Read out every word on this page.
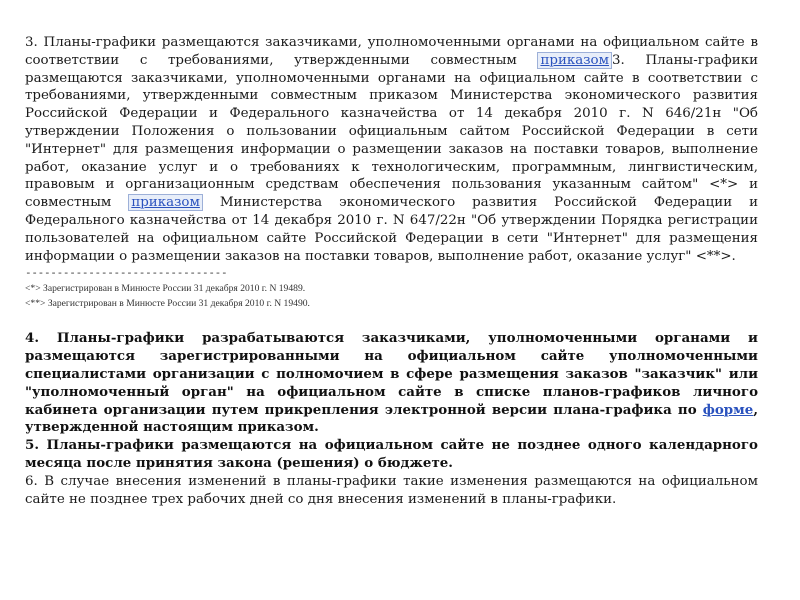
3. Планы-графики размещаются заказчиками, уполномоченными органами на официальном сайте в соответствии с требованиями, утвержденными совместным приказом 3. Планы-графики размещаются заказчиками, уполномоченными органами на официальном сайте в соответствии с требованиями, утвержденными совместным приказом Министерства экономического развития Российской Федерации и Федерального казначейства от 14 декабря 2010 г. N 646/21н "Об утверждении Положения о пользовании официальным сайтом Российской Федерации в сети "Интернет" для размещения информации о размещении заказов на поставки товаров, выполнение работ, оказание услуг и о требованиях к технологическим, программным, лингвистическим, правовым и организационным средствам обеспечения пользования указанным сайтом" <*> и совместным приказом Министерства экономического развития Российской Федерации и Федерального казначейства от 14 декабря 2010 г. N 647/22н "Об утверждении Порядка регистрации пользователей на официальном сайте Российской Федерации в сети "Интернет" для размещения информации о размещении заказов на поставки товаров, выполнение работ, оказание услуг" <**>.

--------------------------------

<*> Зарегистрирован в Минюсте России 31 декабря 2010 г. N 19489.

<**> Зарегистрирован в Минюсте России 31 декабря 2010 г. N 19490.

4. Планы-графики разрабатываются заказчиками, уполномоченными органами и размещаются зарегистрированными на официальном сайте уполномоченными специалистами организации с полномочием в сфере размещения заказов "заказчик" или "уполномоченный орган" на официальном сайте в списке планов-графиков личного кабинета организации путем прикрепления электронной версии плана-графика по форме, утвержденной настоящим приказом.

5. Планы-графики размещаются на официальном сайте не позднее одного календарного месяца после принятия закона (решения) о бюджете.

6. В случае внесения изменений в планы-графики такие изменения размещаются на официальном сайте не позднее трех рабочих дней со дня внесения изменений в планы-графики.
